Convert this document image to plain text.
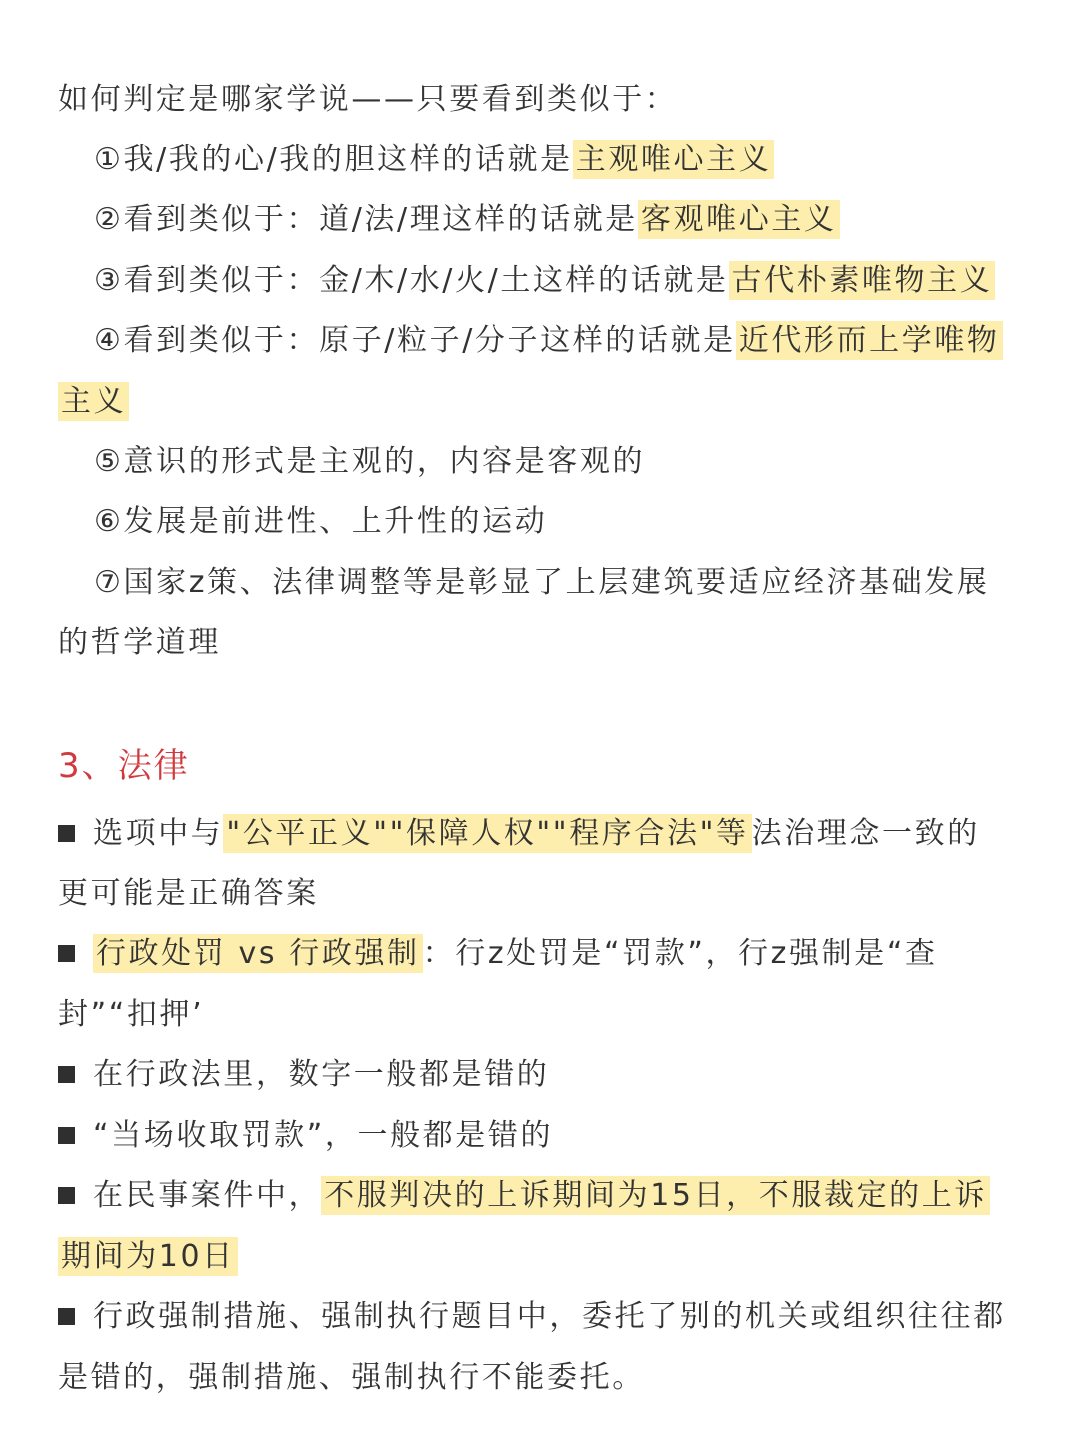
如何判定是哪家学说——只要看到类似于：
①我/我的心/我的胆这样的话就是 主观唯心主义
②看到类似于：道/法/理这样的话就是 客观唯心主义
③看到类似于：金/木/水/火/土这样的话就是 古代朴素唯物主义
④看到类似于：原子/粒子/分子这样的话就是 近代形而上学唯物
主义
⑤意识的形式是主观的，内容是客观的
⑥发展是前进性、上升性的运动
⑦国家z策、法律调整等是彰显了上层建筑要适应经济基础发展
的哲学道理
3、法律
选项中与 "公平正义""保障人权""程序合法"等 法治理念一致的
更可能是正确答案
行政处罚 vs 行政强制 ：行z处罚是“罚款”，行z强制是“查
封”“扣押’
在行政法里，数字一般都是错的
“当场收取罚款”，一般都是错的
在民事案件中， 不服判决的上诉期间为15日，不服裁定的上诉
期间为10日
行政强制措施、强制执行题目中，委托了别的机关或组织往往都
是错的，强制措施、强制执行不能委托。
